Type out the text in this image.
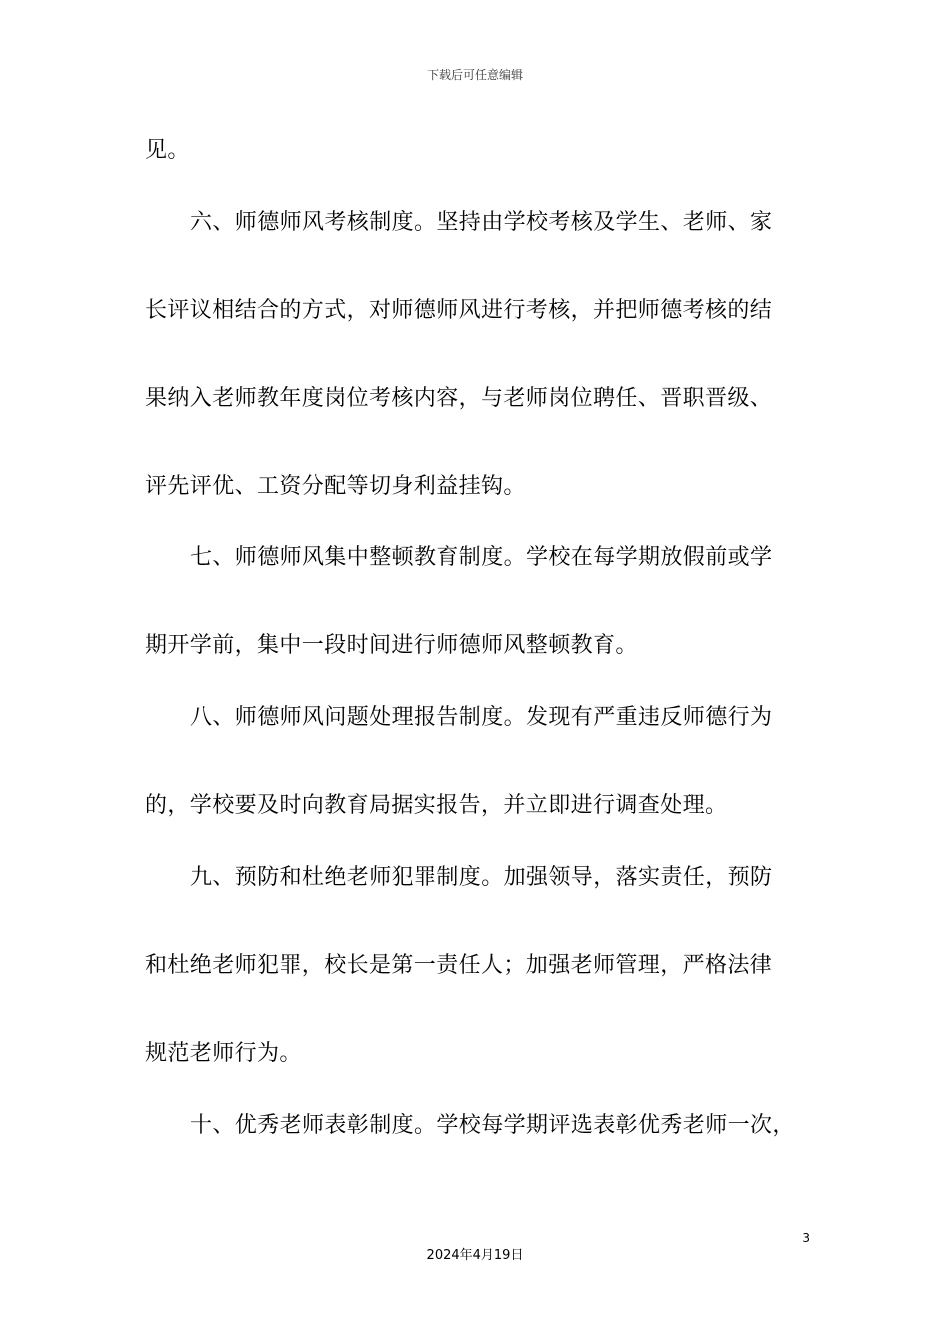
下载后可任意编辑
见。
六、师德师风考核制度。坚持由学校考核及学生、老师、家
长评议相结合的方式，对师德师风进行考核，并把师德考核的结
果纳入老师教年度岗位考核内容，与老师岗位聘任、晋职晋级、
评先评优、工资分配等切身利益挂钩。
七、师德师风集中整顿教育制度。学校在每学期放假前或学
期开学前，集中一段时间进行师德师风整顿教育。
八、师德师风问题处理报告制度。发现有严重违反师德行为
的，学校要及时向教育局据实报告，并立即进行调查处理。
九、预防和杜绝老师犯罪制度。加强领导，落实责任，预防
和杜绝老师犯罪，校长是第一责任人；加强老师管理，严格法律
规范老师行为。
十、优秀老师表彰制度。学校每学期评选表彰优秀老师一次，
3
2024年4月19日
